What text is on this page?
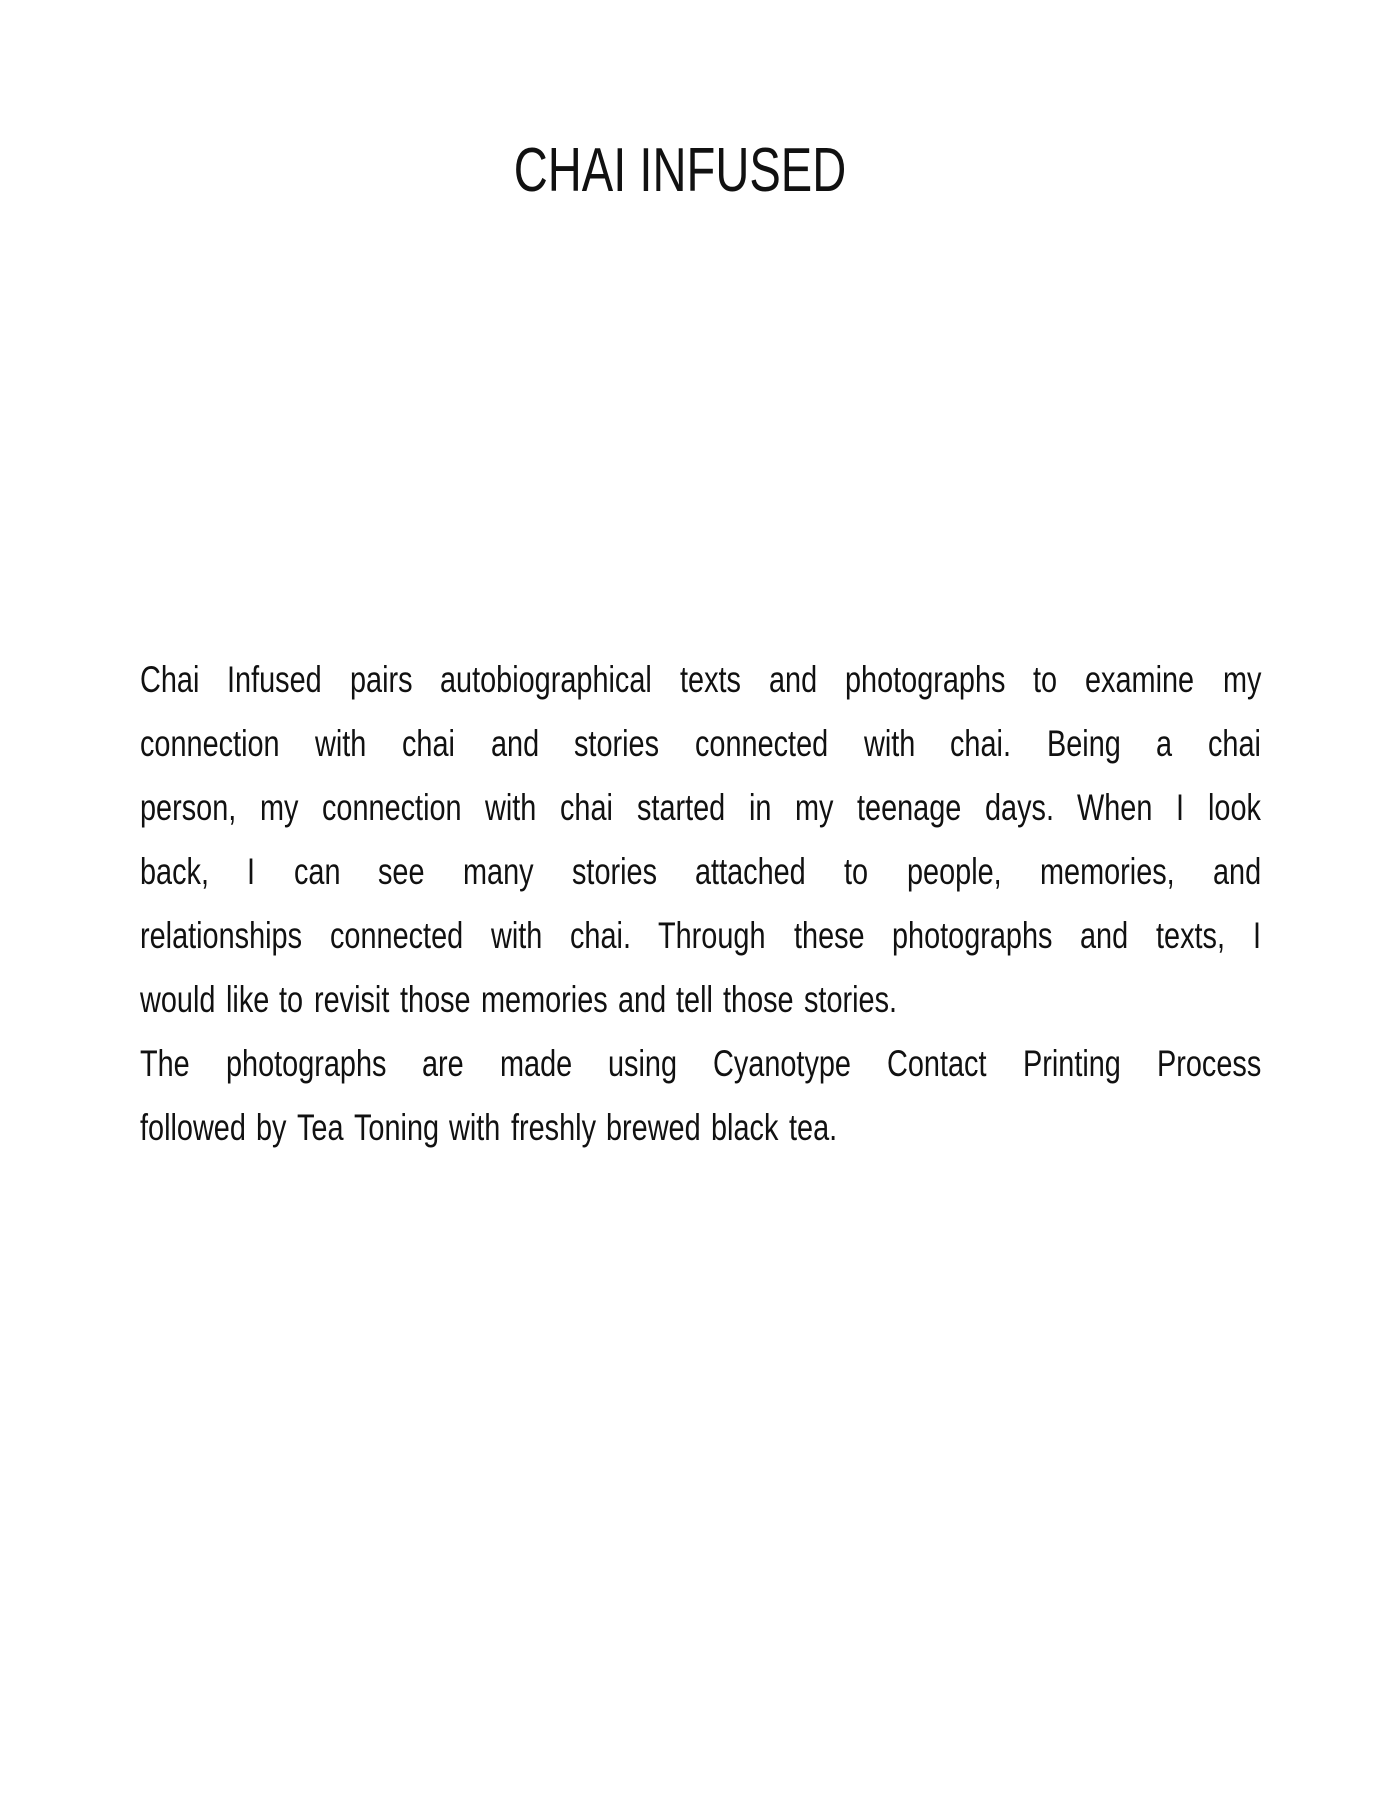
CHAI INFUSED
Chai Infused pairs autobiographical texts and photographs to examine my
connection with chai and stories connected with chai. Being a chai
person, my connection with chai started in my teenage days. When I look
back, I can see many stories attached to people, memories, and
relationships connected with chai. Through these photographs and texts, I
would like to revisit those memories and tell those stories.
The photographs are made using Cyanotype Contact Printing Process
followed by Tea Toning with freshly brewed black tea.
